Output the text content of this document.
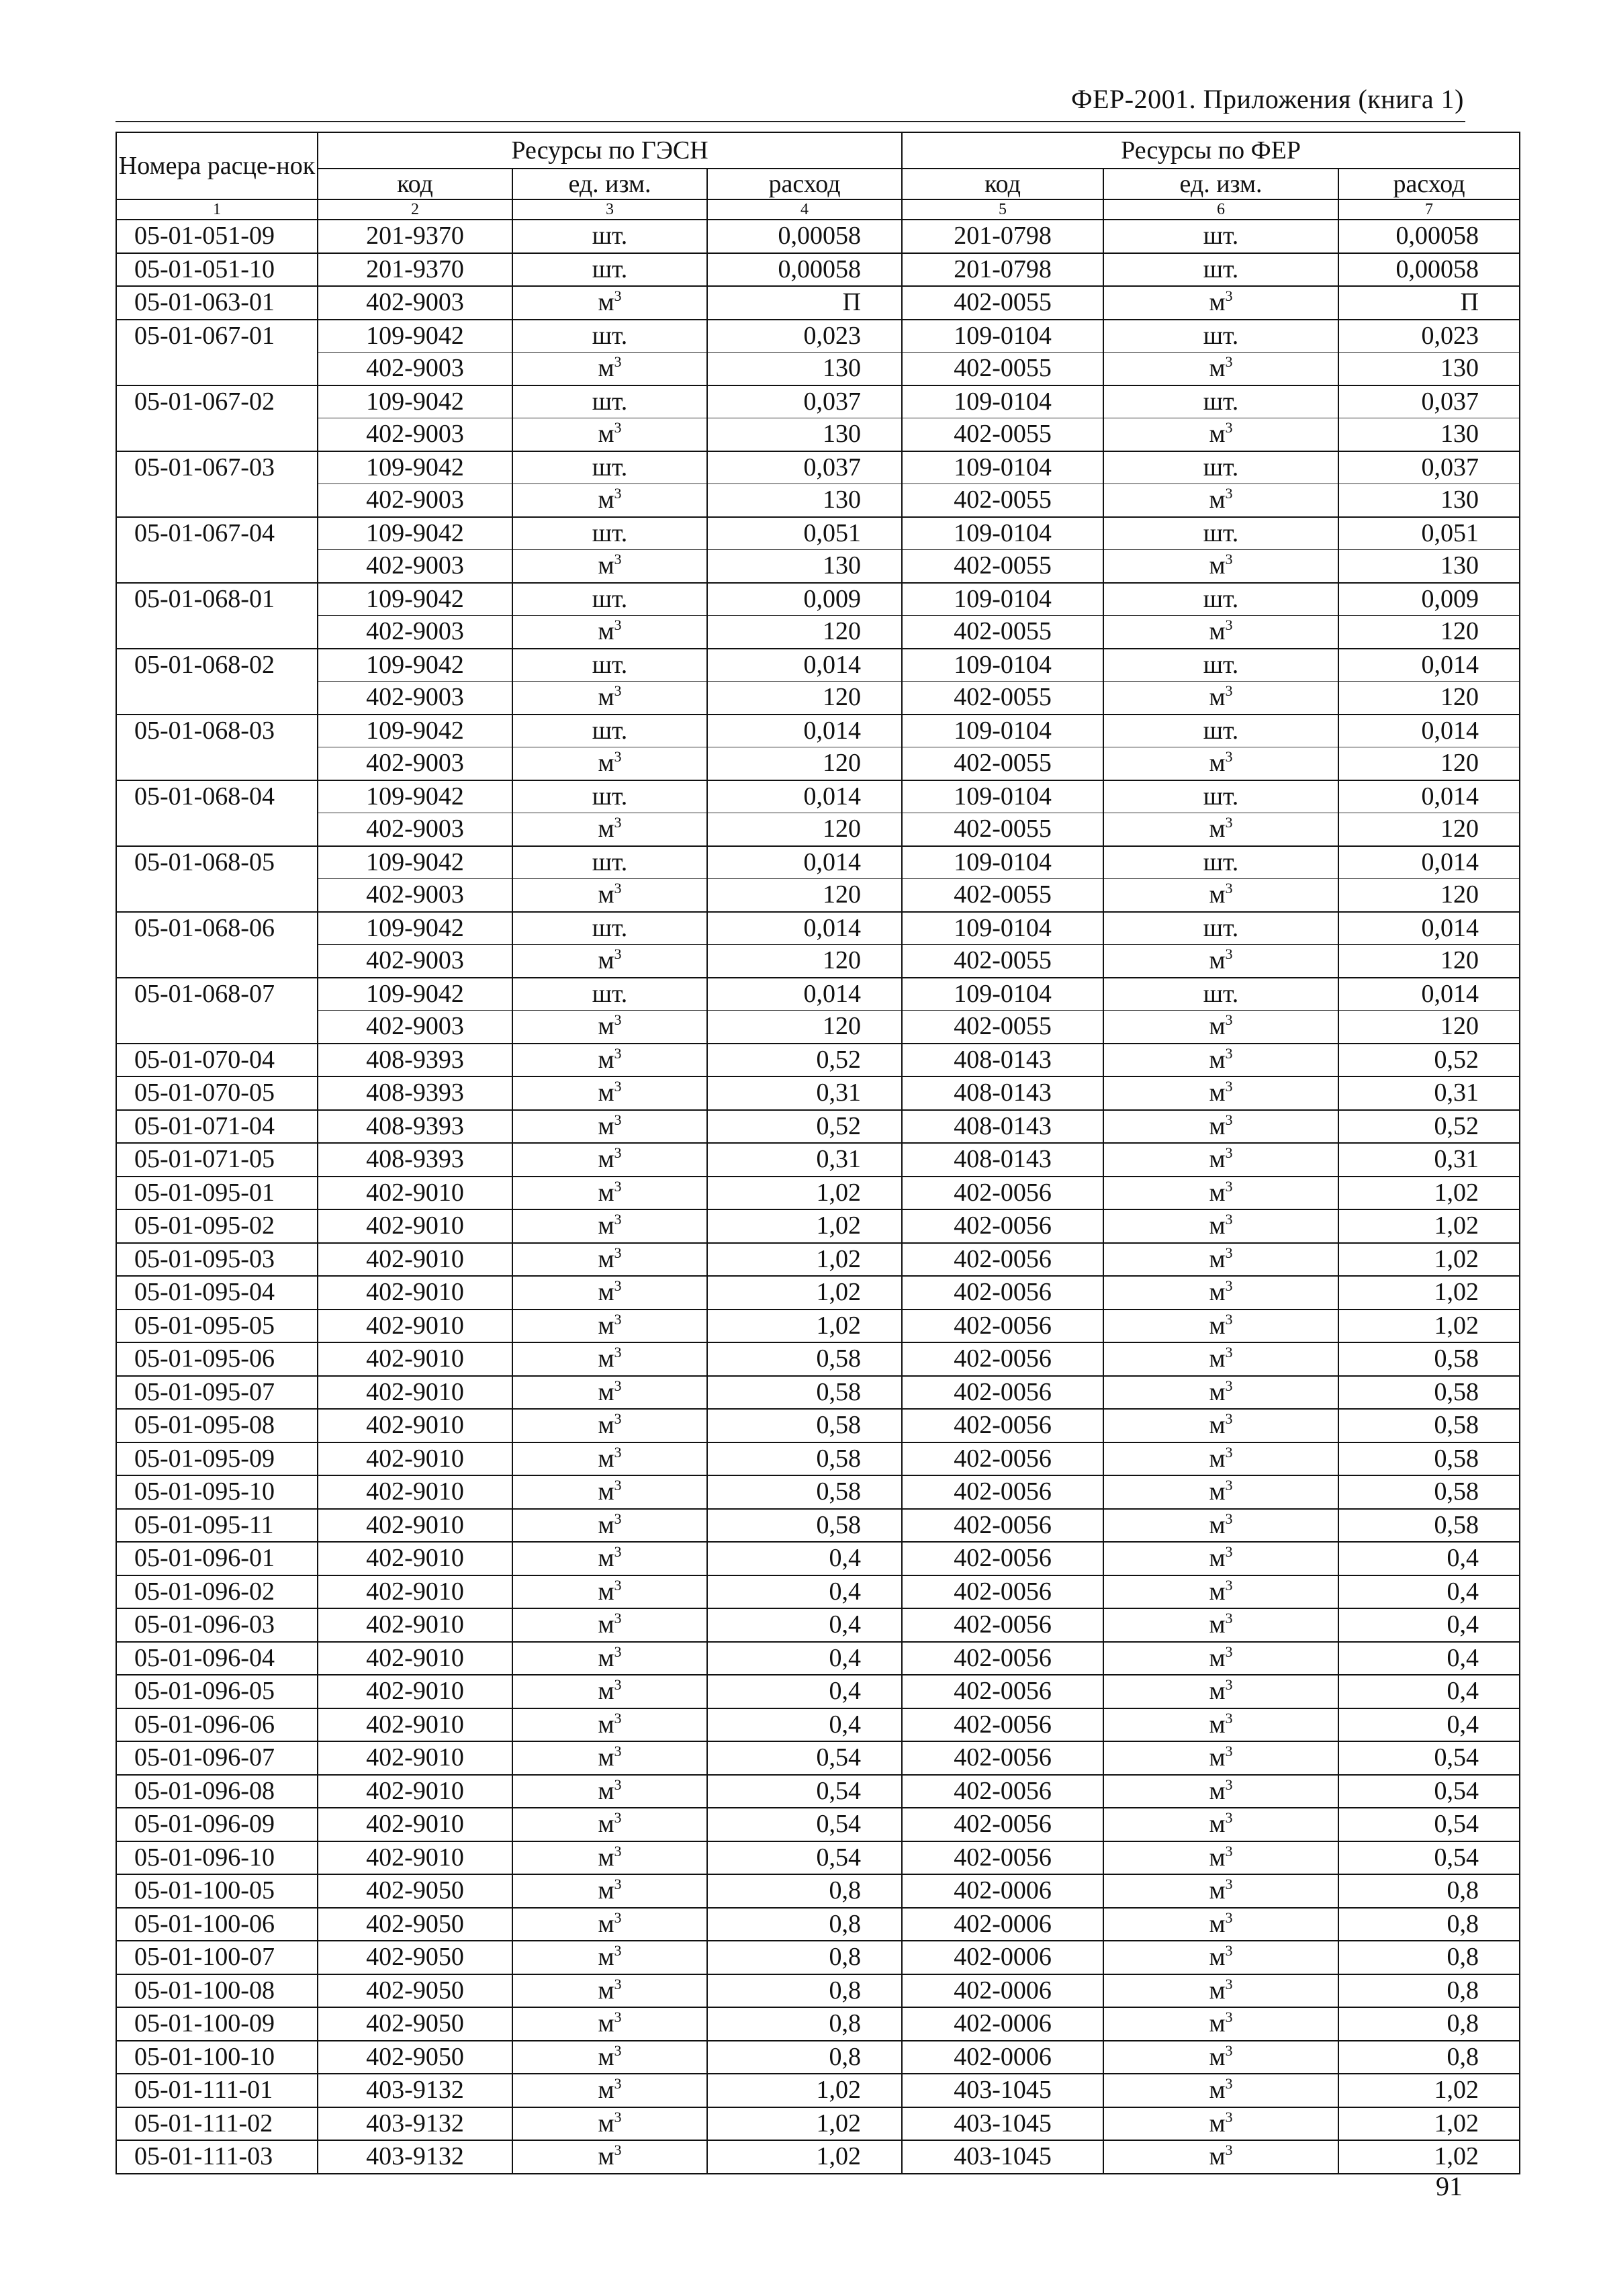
ФЕР-2001. Приложения (книга 1)
Номера расце-нок	Ресурсы по ГЭСН			Ресурсы по ФЕР		
	код	ед. изм.	расход	код	ед. изм.	расход
1	2	3	4	5	6	7
05-01-051-09	201-9370	шт.	0,00058	201-0798	шт.	0,00058
05-01-051-10	201-9370	шт.	0,00058	201-0798	шт.	0,00058
05-01-063-01	402-9003	$м^3$	П	402-0055	$м^3$	П
05-01-067-01	109-9042	шт.	0,023	109-0104	шт.	0,023
	402-9003	$м^3$	130	402-0055	$м^3$	130
05-01-067-02	109-9042	шт.	0,037	109-0104	шт.	0,037
	402-9003	$м^3$	130	402-0055	$м^3$	130
05-01-067-03	109-9042	шт.	0,037	109-0104	шт.	0,037
	402-9003	$м^3$	130	402-0055	$м^3$	130
05-01-067-04	109-9042	шт.	0,051	109-0104	шт.	0,051
	402-9003	$м^3$	130	402-0055	$м^3$	130
05-01-068-01	109-9042	шт.	0,009	109-0104	шт.	0,009
	402-9003	$м^3$	120	402-0055	$м^3$	120
05-01-068-02	109-9042	шт.	0,014	109-0104	шт.	0,014
	402-9003	$м^3$	120	402-0055	$м^3$	120
05-01-068-03	109-9042	шт.	0,014	109-0104	шт.	0,014
	402-9003	$м^3$	120	402-0055	$м^3$	120
05-01-068-04	109-9042	шт.	0,014	109-0104	шт.	0,014
	402-9003	$м^3$	120	402-0055	$м^3$	120
05-01-068-05	109-9042	шт.	0,014	109-0104	шт.	0,014
	402-9003	$м^3$	120	402-0055	$м^3$	120
05-01-068-06	109-9042	шт.	0,014	109-0104	шт.	0,014
	402-9003	$м^3$	120	402-0055	$м^3$	120
05-01-068-07	109-9042	шт.	0,014	109-0104	шт.	0,014
	402-9003	$м^3$	120	402-0055	$м^3$	120
05-01-070-04	408-9393	$м^3$	0,52	408-0143	$м^3$	0,52
05-01-070-05	408-9393	$м^3$	0,31	408-0143	$м^3$	0,31
05-01-071-04	408-9393	$м^3$	0,52	408-0143	$м^3$	0,52
05-01-071-05	408-9393	$м^3$	0,31	408-0143	$м^3$	0,31
05-01-095-01	402-9010	$м^3$	1,02	402-0056	$м^3$	1,02
05-01-095-02	402-9010	$м^3$	1,02	402-0056	$м^3$	1,02
05-01-095-03	402-9010	$м^3$	1,02	402-0056	$м^3$	1,02
05-01-095-04	402-9010	$м^3$	1,02	402-0056	$м^3$	1,02
05-01-095-05	402-9010	$м^3$	1,02	402-0056	$м^3$	1,02
05-01-095-06	402-9010	$м^3$	0,58	402-0056	$м^3$	0,58
05-01-095-07	402-9010	$м^3$	0,58	402-0056	$м^3$	0,58
05-01-095-08	402-9010	$м^3$	0,58	402-0056	$м^3$	0,58
05-01-095-09	402-9010	$м^3$	0,58	402-0056	$м^3$	0,58
05-01-095-10	402-9010	$м^3$	0,58	402-0056	$м^3$	0,58
05-01-095-11	402-9010	$м^3$	0,58	402-0056	$м^3$	0,58
05-01-096-01	402-9010	$м^3$	0,4	402-0056	$м^3$	0,4
05-01-096-02	402-9010	$м^3$	0,4	402-0056	$м^3$	0,4
05-01-096-03	402-9010	$м^3$	0,4	402-0056	$м^3$	0,4
05-01-096-04	402-9010	$м^3$	0,4	402-0056	$м^3$	0,4
05-01-096-05	402-9010	$м^3$	0,4	402-0056	$м^3$	0,4
05-01-096-06	402-9010	$м^3$	0,4	402-0056	$м^3$	0,4
05-01-096-07	402-9010	$м^3$	0,54	402-0056	$м^3$	0,54
05-01-096-08	402-9010	$м^3$	0,54	402-0056	$м^3$	0,54
05-01-096-09	402-9010	$м^3$	0,54	402-0056	$м^3$	0,54
05-01-096-10	402-9010	$м^3$	0,54	402-0056	$м^3$	0,54
05-01-100-05	402-9050	$м^3$	0,8	402-0006	$м^3$	0,8
05-01-100-06	402-9050	$м^3$	0,8	402-0006	$м^3$	0,8
05-01-100-07	402-9050	$м^3$	0,8	402-0006	$м^3$	0,8
05-01-100-08	402-9050	$м^3$	0,8	402-0006	$м^3$	0,8
05-01-100-09	402-9050	$м^3$	0,8	402-0006	$м^3$	0,8
05-01-100-10	402-9050	$м^3$	0,8	402-0006	$м^3$	0,8
05-01-111-01	403-9132	$м^3$	1,02	403-1045	$м^3$	1,02
05-01-111-02	403-9132	$м^3$	1,02	403-1045	$м^3$	1,02
05-01-111-03	403-9132	$м^3$	1,02	403-1045	$м^3$	1,02
91
